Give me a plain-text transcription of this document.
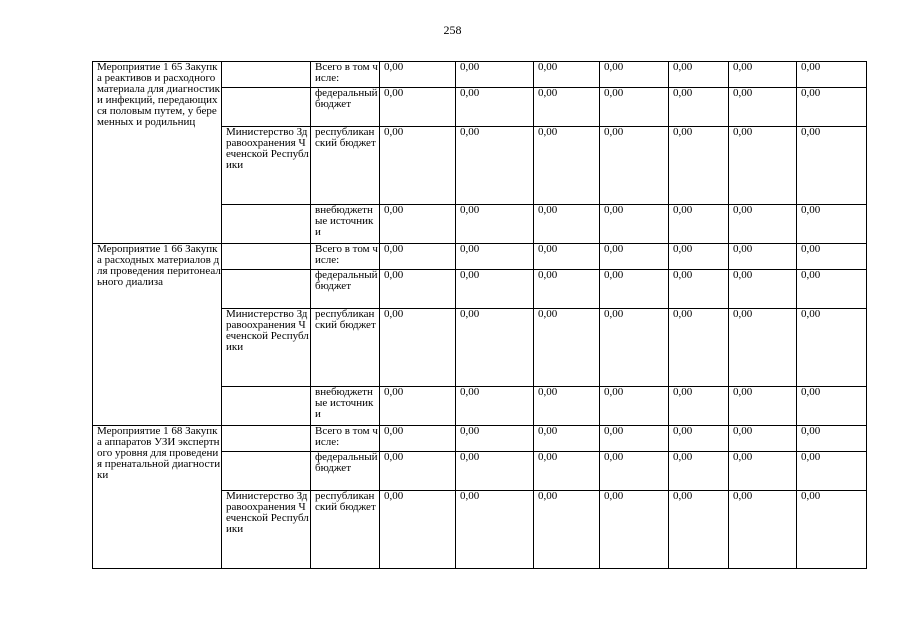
258
Мероприятие 1 65 Закупка реактивов и расходного материала для диагностики инфекций, передающихся половым путем, у беременных и родильниц		Всего в том числе:	0,00	0,00	0,00	0,00	0,00	0,00	0,00
		федеральный бюджет	0,00	0,00	0,00	0,00	0,00	0,00	0,00
	Министерство Здравоохранения Чеченской Республики	республиканский бюджет	0,00	0,00	0,00	0,00	0,00	0,00	0,00
		внебюджетные источники	0,00	0,00	0,00	0,00	0,00	0,00	0,00
Мероприятие 1 66 Закупка расходных материалов для проведения перитонеального диализа		Всего в том числе:	0,00	0,00	0,00	0,00	0,00	0,00	0,00
		федеральный бюджет	0,00	0,00	0,00	0,00	0,00	0,00	0,00
	Министерство Здравоохранения Чеченской Республики	республиканский бюджет	0,00	0,00	0,00	0,00	0,00	0,00	0,00
		внебюджетные источники	0,00	0,00	0,00	0,00	0,00	0,00	0,00
Мероприятие 1 68 Закупка аппаратов УЗИ экспертного уровня для проведения пренатальной диагностики		Всего в том числе:	0,00	0,00	0,00	0,00	0,00	0,00	0,00
		федеральный бюджет	0,00	0,00	0,00	0,00	0,00	0,00	0,00
	Министерство Здравоохранения Чеченской Республики	республиканский бюджет	0,00	0,00	0,00	0,00	0,00	0,00	0,00
